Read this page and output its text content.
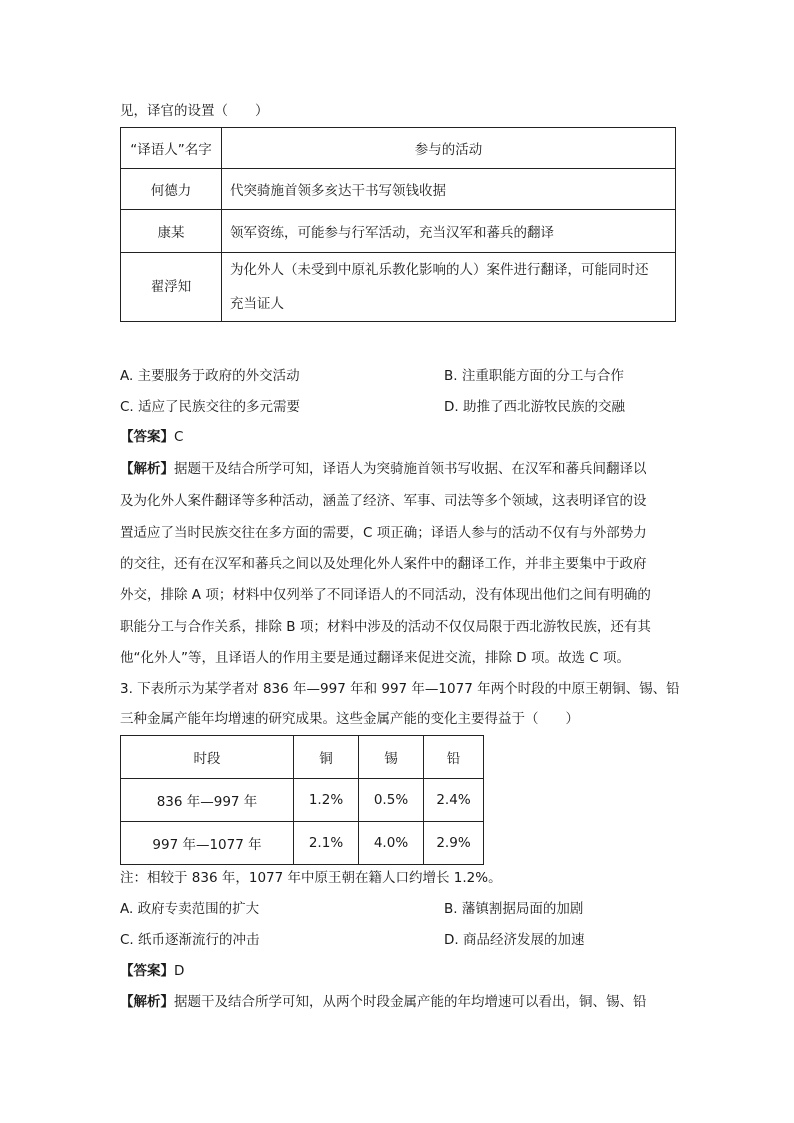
见，译官的设置（　　）
“译语人”名字	参与的活动
何德力	代突骑施首领多亥达干书写领钱收据
康某	领军资练，可能参与行军活动，充当汉军和蕃兵的翻译
翟浮知	为化外人（未受到中原礼乐教化影响的人）案件进行翻译，可能同时还
充当证人
A. 主要服务于政府的外交活动	B. 注重职能方面的分工与合作
C. 适应了民族交往的多元需要	D. 助推了西北游牧民族的交融
【答案】C
【解析】据题干及结合所学可知，译语人为突骑施首领书写收据、在汉军和蕃兵间翻译以
及为化外人案件翻译等多种活动，涵盖了经济、军事、司法等多个领域，这表明译官的设
置适应了当时民族交往在多方面的需要，C 项正确；译语人参与的活动不仅有与外部势力
的交往，还有在汉军和蕃兵之间以及处理化外人案件中的翻译工作，并非主要集中于政府
外交，排除 A 项；材料中仅列举了不同译语人的不同活动，没有体现出他们之间有明确的
职能分工与合作关系，排除 B 项；材料中涉及的活动不仅仅局限于西北游牧民族，还有其
他“化外人”等，且译语人的作用主要是通过翻译来促进交流，排除 D 项。故选 C 项。
3. 下表所示为某学者对 836 年—997 年和 997 年—1077 年两个时段的中原王朝铜、锡、铅
三种金属产能年均增速的研究成果。这些金属产能的变化主要得益于（　　）
时段	铜	锡	铅
836 年—997 年	1.2%	0.5%	2.4%
997 年—1077 年	2.1%	4.0%	2.9%
注：相较于 836 年，1077 年中原王朝在籍人口约增长 1.2%。
A. 政府专卖范围的扩大	B. 藩镇割据局面的加剧
C. 纸币逐渐流行的冲击	D. 商品经济发展的加速
【答案】D
【解析】据题干及结合所学可知，从两个时段金属产能的年均增速可以看出，铜、锡、铅
